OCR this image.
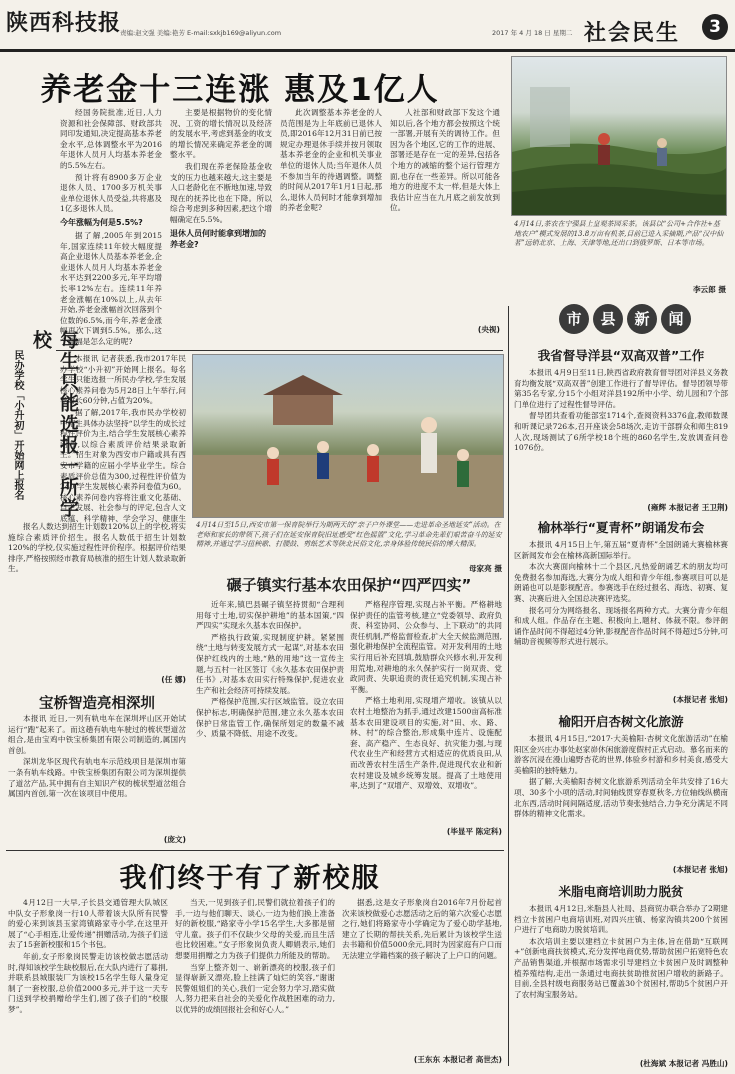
陕西科技报
责编:赵文强 美编:艳芳 E-mail:sxkjb169@aliyun.com	2017 年 4 月 18 日 星期二 社会民生	3
养老金十三连涨 惠及1亿人

经国务院批准,近日,人力资源和社会保障部、财政部共同印发通知,决定提高基本养老金水平,总体调整水平为2016年退休人员月人均基本养老金的5.5%左右。

预计将有8900多万企业退休人员、1700多万机关事业单位退休人员受益,共将惠及1亿多退休人员。

今年涨幅为何是5.5%?

据了解,2005年到2015年,国家连续11年较大幅度提高企业退休人员基本养老金,企业退休人员月人均基本养老金水平达到2200多元,年平均增长率12%左右。连续11年养老金涨幅在10%以上,从去年开始,养老金涨幅首次回落到个位数的6.5%,而今年,养老金涨幅再次下调到5.5%。那么,这个涨幅是怎么定的呢?

主要是根据物价的变化情况、工资的增长情况以及经济的发展水平,考虑到基金的收支的增长情况来确定养老金的调整水平。

我们现在养老保险基金收支的压力也越来越大,这主要是人口老龄化在不断地加速,导致现在的抚养比也在下降。所以综合考虑到多种因素,把这个增幅确定在5.5%。

退休人员何时能拿到增加的养老金?

此次调整基本养老金的人员范围是为上年底前已退休人员,即2016年12月31日前已按规定办理退休手续并按月领取基本养老金的企业和机关事业单位的退休人员;当年退休人员不参加当年的待遇调整。调整的时间从2017年1月1日起,那么,退休人员何时才能拿到增加的养老金呢?

人社部和财政部下发这个通知以后,各个地方都会按照这个统一部署,开展有关的调待工作。但因为各个地区,它的工作的进展、部署还是存在一定的差异,包括各个地方的减缩的整个运行管理方面,也存在一些差异。所以可能各地方的进度不太一样,但是大体上我估计应当在九月底之前发放到位。

(央视)
4月14日,茶农在宁强县上皇观茶园采茶。该县以“公司+合作社+基地农户”模式发展的13.8万亩有机茶,目前已进入采摘期,产品“汉中仙茗”远销北京、上海、天津等地,还出口到俄罗斯、日本等市场。
李云郎 摄
每生只能选报一所学校
民办学校「小升初」开始网上报名	本报讯 记者获悉,我市2017年民办学校“小升初”开始网上报名。每名学生只能选报一所民办学校,学生发展核心素养问卷为5月28日上午举行,问卷时长60分钟,占值为20%。

据了解,2017年,我市民办学校初中招生具体办法坚持“以学生的成长过程性评价为主,结合学生发展核心素养问卷,以综合素质评价结果录取新生。”招生对象为西安市户籍或具有西安市学籍的应届小学毕业学生。综合素质评价总值为300,过程性评价值为240,学生发展核心素养问卷值为60。核心素养问卷内容将注重文化基础、自主发展、社会参与的评定,包含人文底蕴、科学精神、学会学习、健康生

报名人数达到招生计划数120%以上的学校,将实施综合素质评价招生。报名人数低于招生计划数120%的学校,仅实施过程性评价程序。根据评价结果排序,严格按照经市教育局核准的招生计划人数录取新生。

(任 娜)
宝桥智造亮相深圳

本报讯 近日,一列有轨电车在深圳坪山区开始试运行“跑”起来了。而这趟有轨电车驶过的梳状型道岔组合,是由宝鸡中铁宝桥集团有限公司制造的,属国内首创。

深圳龙华区现代有轨电车示范线项目是深圳市第一条有轨车线路。中铁宝桥集团有限公司为深圳提供了道岔产品,其中拥有自主知识产权的梳状型道岔组合属国内首创,第一次在该项目中使用。

(庞文)
4月14日至15日,西安市第一保育院举行为期两天的“亲子户外课堂——走进革命圣地延安”活动。在老师和家长的带领下,孩子们在延安保育院旧址感受“红色摇篮”文化,学习革命先辈们艰苦奋斗的延安精神,并通过学习扭秧歌、打腰鼓、剪纸艺术等陕北民俗文化,亲身体验传统民俗的博大精深。
母家亮 摄
碾子镇实行基本农田保护“四严四实”

近年来,镇巴县碾子镇坚持贯彻“合理利用每寸土地,切实保护耕地”的基本国策,“四严四实”实现永久基本农田保护。

严格执行政策,实现制度护耕。紧紧围绕“土地与转变发展方式一起谋”,对基本农田保护红线内的土地,“熟的用地”这一宣传主题,与五村一社区签订《永久基本农田保护责任书》,对基本农田实行特殊保护,促进农业生产和社会经济可持续发展。

严格保护范围,实行区域监管。设立农田保护标志,明确保护范围,建立永久基本农田保护日常监管工作,确保所划定的数量不减少、质量不降低、用途不改变。

严格程序管理,实现占补平衡。严格耕地保护责任的监管考核,建立“党委领导、政府负责、科室协同、公众参与、上下联动”的共同责任机制,严格监督检查,扩大全天候监测范围,强化耕地保护全流程监管。对开发利用的土地实行用后补充回填,鼓励群众兴修水利,开发利用荒地,对耕地的永久保护实行一岗双责、党政同责、失职追责的责任追究机制,实现占补平衡。

严格土地利用,实现增产增收。该镇从以农村土地整治为抓手,通过改建1500亩高标准基本农田建设项目的实施,对“田、水、路、林、村”的综合整治,形成集中连片、设施配套、高产稳产、生态良好、抗灾能力强,与现代农业生产和经营方式相适应的优质良田,从而改善农村生活生产条件,促进现代农业和新农村建设及城乡统筹发展。提高了土地使用率,达到了“双增产、双增效、双增收”。

(毕显平 陈定科)
我们终于有了新校服

4月12日一大早,子长县交通管理大队城区中队女子形象岗一行10人带着该大队所有民警的爱心来到该县玉家湾镇路家寺小学,在这里开展了“心手相连,让爱传递”捐赠活动,为孩子们送去了15套新校服和15个书包。

年前,女子形象岗民警走访该校做志愿活动时,得知该校学生缺校服后,在大队内进行了募捐,并联系县城服装厂为该校15名学生每人量身定制了一套校服,总价值2000多元,并于这一天专门送到学校捐赠给学生们,圆了孩子们的“校服梦”。

当天,一见到孩子们,民警们就拉着孩子们的手,一边与他们聊天、谈心,一边为他们换上准备好的新校服,“路家寺小学15名学生,大多都是留守儿童。孩子们不仅缺少父母的关爱,而且生活也比较困难。”女子形象岗负责人卿娟表示,她们想要用捐赠之力为孩子们提供力所能及的帮助。

当穿上整齐划一、崭新漂亮的校服,孩子们显得崭新又漂亮,脸上挂满了灿烂的笑容,“谢谢民警姐姐们的关心,我们一定会努力学习,踏实做人,努力把来自社会的关爱化作战胜困难的动力,以优异的成绩回报社会和好心人。”

据悉,这是女子形象岗自2016年7月份起首次来该校做爱心志愿活动之后的第六次爱心志愿之行,她们将路家寺小学确定为了爱心助学基地,建立了长期的帮扶关系,先后累计为该校学生送去书籍和价值5000余元,同时为因家庭有户口而无法建立学籍档案的孩子解决了上户口的问题。

(王东东 本报记者 高世杰)
市 县 新 闻
我省督导洋县“双高双普”工作

本报讯 4月9日至11日,陕西省政府教育督导团对洋县义务教育均衡发展“双高双普”创建工作进行了督导评估。督导团领导带第35名专家,分15个小组对洋县192所中小学、幼儿园和7个部门单位进行了过程性督导评估。

督导团共查看功能部室1714个,查阅资料3376盒,教师数课和听课记录726本,召开座谈会58场次,走访干部群众和师生819人次,现场测试了6所学校18个班的860名学生,发放调查问卷1076份。

(雍辉 本报记者 王卫荆)
榆林举行“夏青杯”朗诵发布会

本报讯 4月15日上午,第五届“夏青杯”全国朗诵大赛榆林赛区新闻发布会在榆林高新国际举行。

本次大赛面向榆林十二个县区,凡热爱朗诵艺术的朋友均可免费报名参加海选,大赛分为成人组和青少年组,参赛项目可以是朗诵也可以是影视配音。参赛选手在经过报名、海选、初赛、复赛、决赛后进入全国总决赛评选奖。

报名可分为网络报名、现场报名两种方式。大赛分青少年组和成人组。作品存在主题、积极向上,题材、体裁不限。参评朗诵作品时间不得超过4分钟,影视配音作品时间不得超过5分钟,可辅助音视频等形式进行展示。

(本报记者 张旭)
榆阳开启杏树文化旅游

本报讯 4月15日,“2017·大美榆阳·杏树文化旅游活动”在榆阳区金兴庄办事处赵家峁休闲旅游度假村正式启动。慕名而来的游客沉浸在漫山遍野杏花的世界,体验乡村游和乡村美食,感受大美榆阳的独特魅力。

据了解,大美榆阳杏树文化旅游系列活动全年共安排了16大项、30多个小项的活动,时间轴线贯穿春夏秋冬,方位轴线纵横南北东西,活动时间间隔适度,活动节奏张弛结合,力争充分满足不同群体的精神文化需求。

(本报记者 张旭)
米脂电商培训助力脱贫

本报讯 4月12日,米脂县人社局、县商贸办联合举办了2期建档立卡贫困户电商培训班,对四兴庄镇、杨家沟镇共200个贫困户进行了电商助力脱贫培训。

本次培训主要以建档立卡贫困户为主体,旨在借助“互联网+”创新电商扶贫模式,充分发挥电商优势,帮助贫困户拓宽特色农产品销售渠道,并根据市场需求引导建档立卡贫困户及时调整种植养殖结构,走出一条通过电商扶贫助推贫困户增收的新路子。目前,全县村级电商服务站已覆盖30个贫困村,帮助5个贫困户开了农村淘宝服务站。

(杜海斌 本报记者 冯胜山)
